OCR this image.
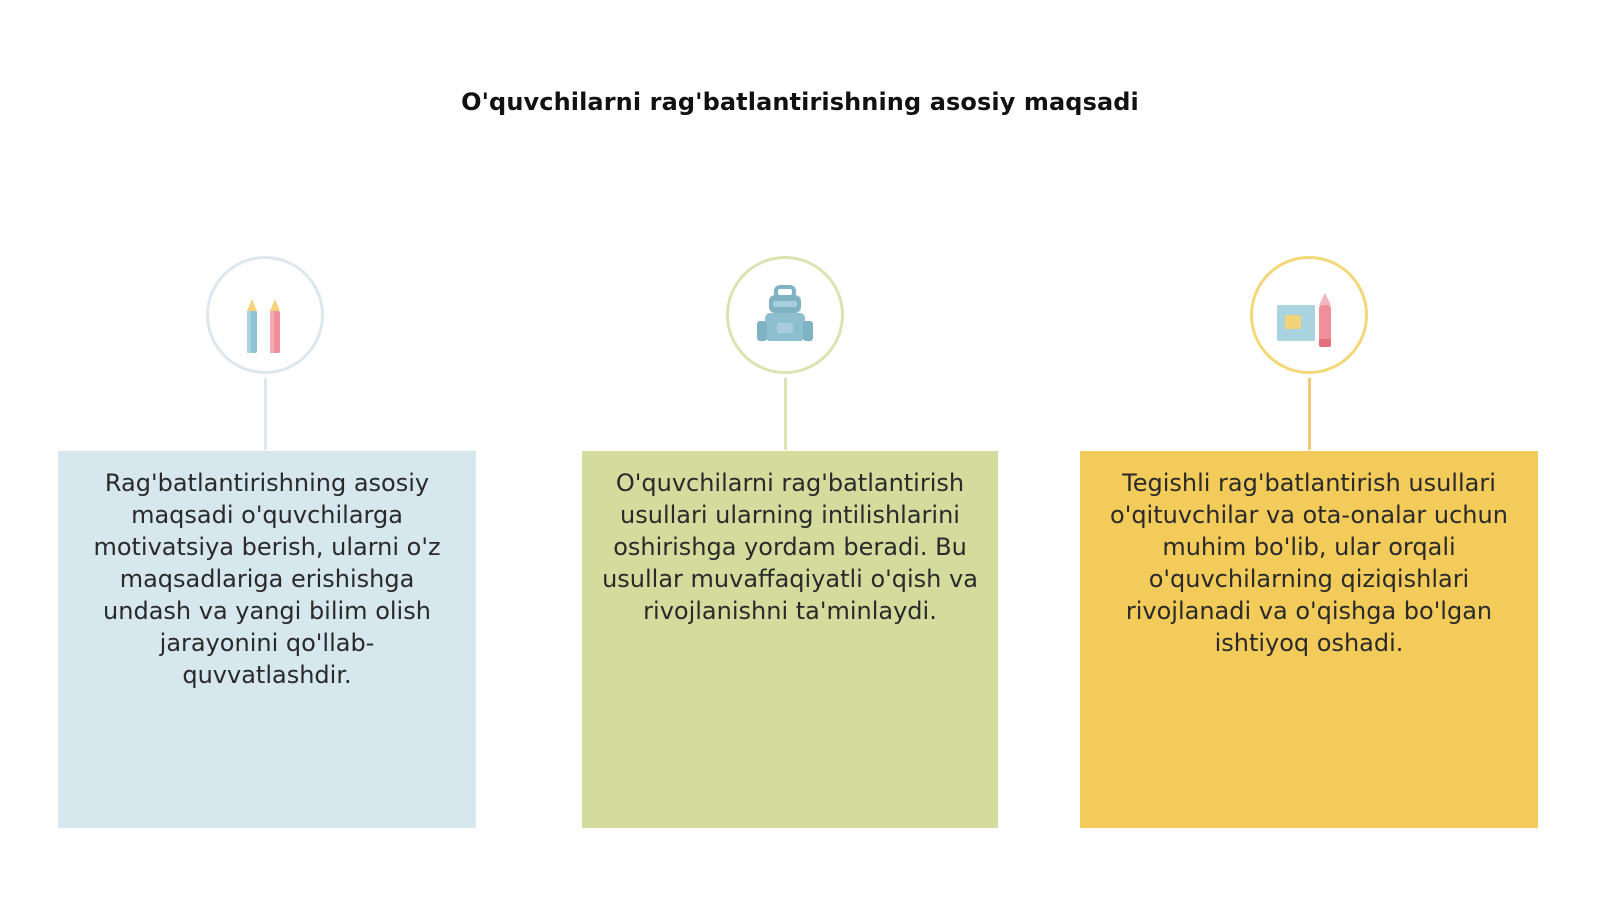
O'quvchilarni rag'batlantirishning asosiy maqsadi

Rag'batlantirishning asosiy maqsadi o'quvchilarga motivatsiya berish, ularni o'z maqsadlariga erishishga undash va yangi bilim olish jarayonini qo'llab-quvvatlashdir.

O'quvchilarni rag'batlantirish usullari ularning intilishlarini oshirishga yordam beradi. Bu usullar muvaffaqiyatli o'qish va rivojlanishni ta'minlaydi.

Tegishli rag'batlantirish usullari o'qituvchilar va ota-onalar uchun muhim bo'lib, ular orqali o'quvchilarning qiziqishlari rivojlanadi va o'qishga bo'lgan ishtiyoq oshadi.
